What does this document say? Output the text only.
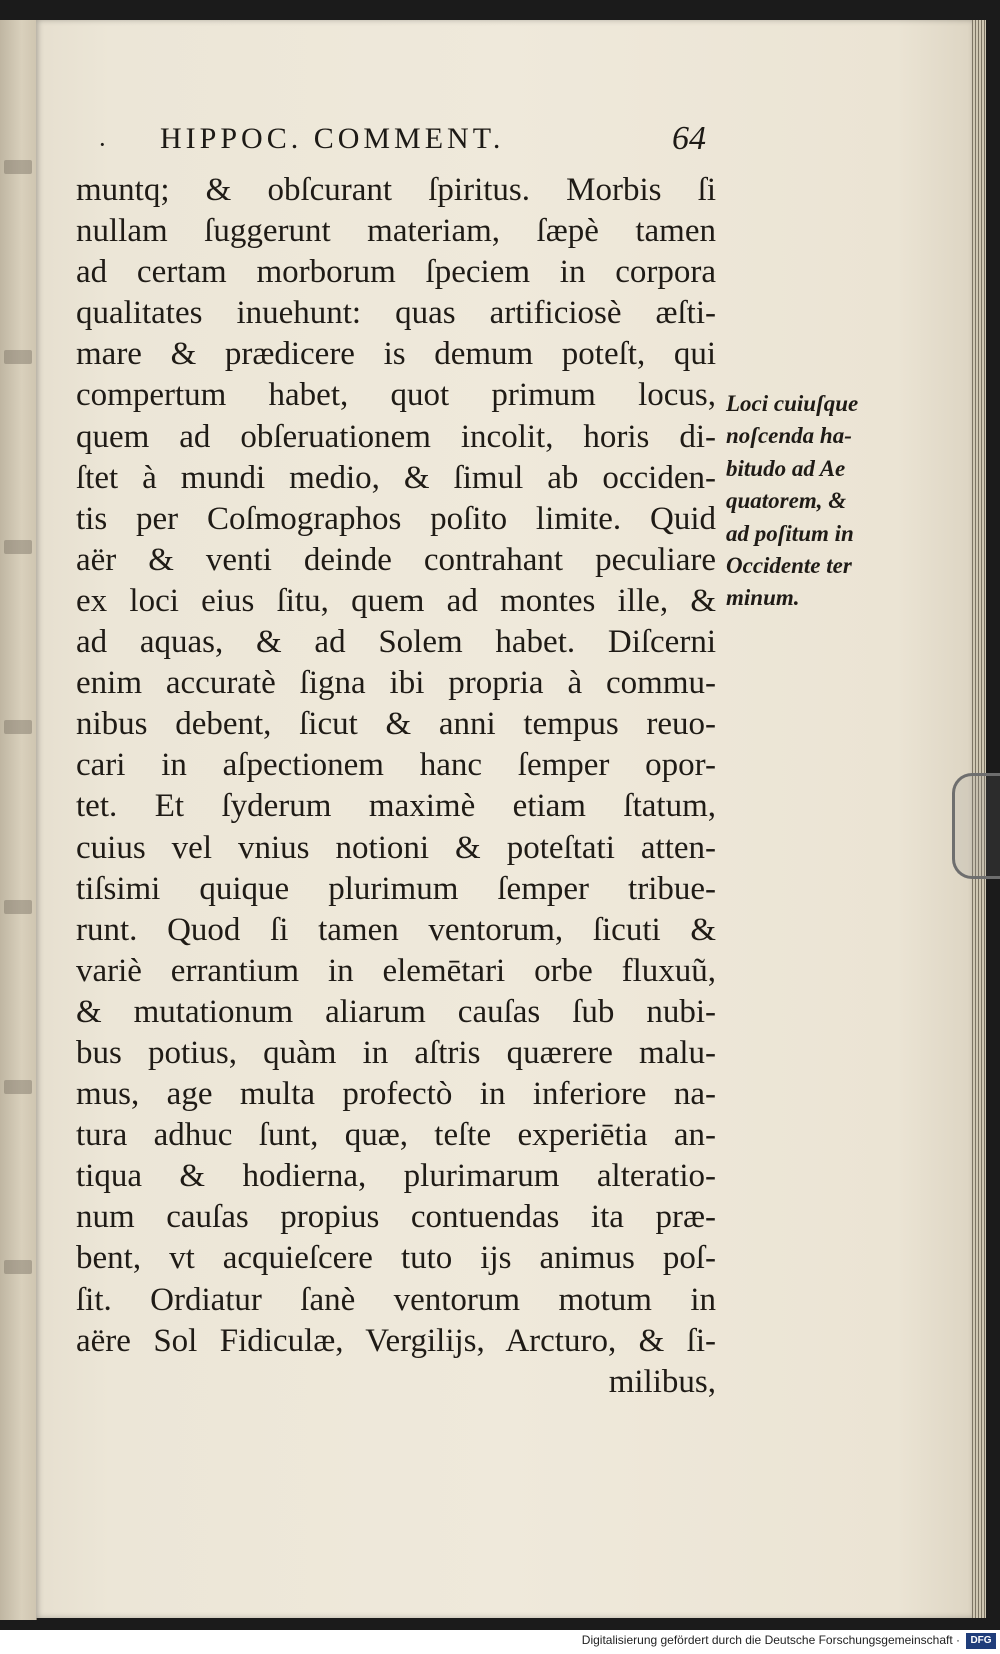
· HIPPOC. COMMENT.	64
muntq; & obſcurant ſpiritus. Morbis ſi
nullam ſuggerunt materiam, ſæpè tamen
ad certam morborum ſpeciem in corpora
qualitates inuehunt: quas artificiosè æſti-
mare & prædicere is demum poteſt, qui
compertum habet, quot primum locus,
quem ad obſeruationem incolit, horis di-
ſtet à mundi medio, & ſimul ab occiden-
tis per Coſmographos poſito limite. Quid
aër & venti deinde contrahant peculiare
ex loci eius ſitu, quem ad montes ille, &
ad aquas, & ad Solem habet. Diſcerni
enim accuratè ſigna ibi propria à commu-
nibus debent, ſicut & anni tempus reuo-
cari in aſpectionem hanc ſemper opor-
tet. Et ſyderum maximè etiam ſtatum,
cuius vel vnius notioni & poteſtati atten-
tiſsimi quique plurimum ſemper tribue-
runt. Quod ſi tamen ventorum, ſicuti &
variè errantium in elemētari orbe fluxuũ,
& mutationum aliarum cauſas ſub nubi-
bus potius, quàm in aſtris quærere malu-
mus, age multa profectò in inferiore na-
tura adhuc ſunt, quæ, teſte experiētia an-
tiqua & hodierna, plurimarum alteratio-
num cauſas propius contuendas ita præ-
bent, vt acquieſcere tuto ijs animus poſ-
ſit. Ordiatur ſanè ventorum motum in
aëre Sol Fidiculæ, Vergilijs, Arcturo, & ſi-
milibus,
Loci cuiuſque
noſcenda ha-
bitudo ad Ae
quatorem, &
ad poſitum in
Occidente ter
minum.
Digitalisierung gefördert durch die Deutsche Forschungsgemeinschaft ·	DFG
